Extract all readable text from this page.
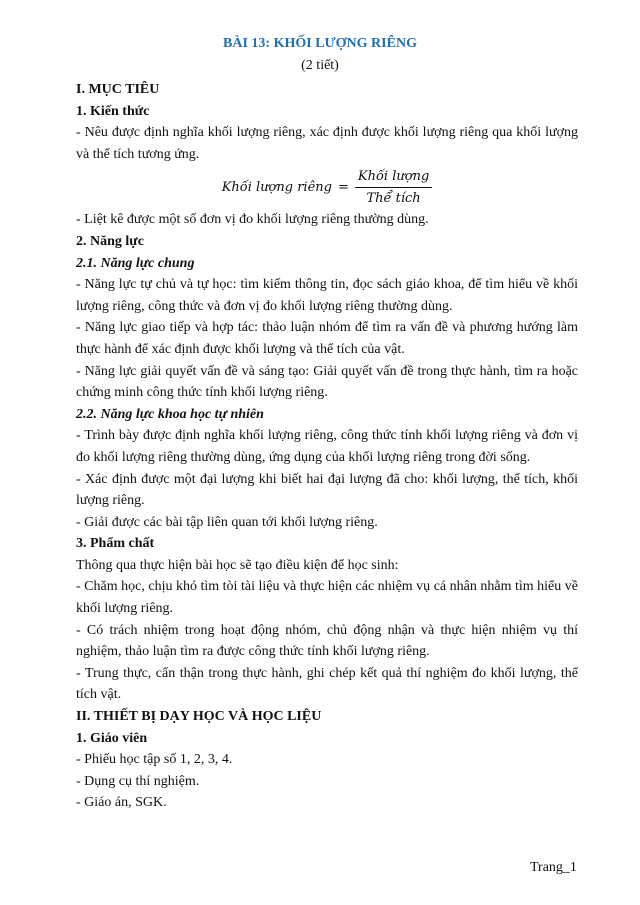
BÀI 13: KHỐI LƯỢNG RIÊNG
(2 tiết)
I. MỤC TIÊU
1. Kiến thức
- Nêu được định nghĩa khối lượng riêng, xác định được khối lượng riêng qua khối lượng và thể tích tương ứng.
Khối lượng riêng = $\frac{\text{Khối lượng}}{\text{Thể tích}}$
- Liệt kê được một số đơn vị đo khối lượng riêng thường dùng.
2. Năng lực
2.1. Năng lực chung
- Năng lực tự chủ và tự học: tìm kiếm thông tin, đọc sách giáo khoa, để tìm hiểu về khối lượng riêng, công thức và đơn vị đo khối lượng riêng thường dùng.
- Năng lực giao tiếp và hợp tác: thảo luận nhóm để tìm ra vấn đề và phương hướng làm thực hành để xác định được khối lượng và thể tích của vật.
- Năng lực giải quyết vấn đề và sáng tạo: Giải quyết vấn đề trong thực hành, tìm ra hoặc chứng minh công thức tính khối lượng riêng.
2.2. Năng lực khoa học tự nhiên
- Trình bày được định nghĩa khối lượng riêng, công thức tính khối lượng riêng và đơn vị đo khối lượng riêng thường dùng, ứng dụng của khối lượng riêng trong đời sống.
- Xác định được một đại lượng khi biết hai đại lượng đã cho: khối lượng, thể tích, khối lượng riêng.
- Giải được các bài tập liên quan tới khối lượng riêng.
3. Phẩm chất
Thông qua thực hiện bài học sẽ tạo điều kiện để học sinh:
- Chăm học, chịu khó tìm tòi tài liệu và thực hiện các nhiệm vụ cá nhân nhằm tìm hiểu về khối lượng riêng.
- Có trách nhiệm trong hoạt động nhóm, chủ động nhận và thực hiện nhiệm vụ thí nghiệm, thảo luận tìm ra được công thức tính khối lượng riêng.
- Trung thực, cẩn thận trong thực hành, ghi chép kết quả thí nghiệm đo khối lượng, thể tích vật.
II. THIẾT BỊ DẠY HỌC VÀ HỌC LIỆU
1. Giáo viên
- Phiếu học tập số 1, 2, 3, 4.
- Dụng cụ thí nghiệm.
- Giáo án, SGK.
Trang_1
